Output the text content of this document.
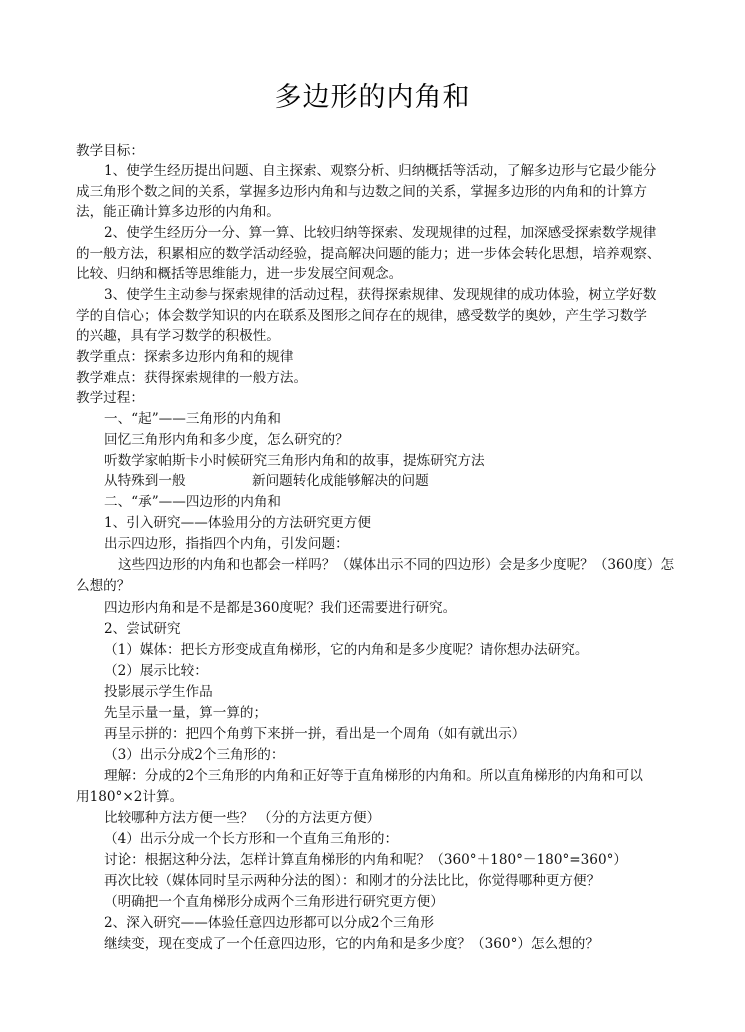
多边形的内角和
教学目标：
1、使学生经历提出问题、自主探索、观察分析、归纳概括等活动，了解多边形与它最少能分
成三角形个数之间的关系，掌握多边形内角和与边数之间的关系，掌握多边形的内角和的计算方
法，能正确计算多边形的内角和。
2、使学生经历分一分、算一算、比较归纳等探索、发现规律的过程，加深感受探索数学规律
的一般方法，积累相应的数学活动经验，提高解决问题的能力；进一步体会转化思想，培养观察、
比较、归纳和概括等思维能力，进一步发展空间观念。
3、使学生主动参与探索规律的活动过程，获得探索规律、发现规律的成功体验，树立学好数
学的自信心；体会数学知识的内在联系及图形之间存在的规律，感受数学的奥妙，产生学习数学
的兴趣，具有学习数学的积极性。
教学重点：探索多边形内角和的规律
教学难点：获得探索规律的一般方法。
教学过程：
一、“起”——三角形的内角和
回忆三角形内角和多少度，怎么研究的？
听数学家帕斯卡小时候研究三角形内角和的故事，提炼研究方法
从特殊到一般	新问题转化成能够解决的问题
二、“承”——四边形的内角和
1、引入研究——体验用分的方法研究更方便
出示四边形，指指四个内角，引发问题：
这些四边形的内角和也都会一样吗？（媒体出示不同的四边形）会是多少度呢？（360度）怎
么想的？
四边形内角和是不是都是360度呢？我们还需要进行研究。
2、尝试研究
（1）媒体：把长方形变成直角梯形，它的内角和是多少度呢？请你想办法研究。
（2）展示比较：
投影展示学生作品
先呈示量一量，算一算的；
再呈示拼的：把四个角剪下来拼一拼，看出是一个周角（如有就出示）
（3）出示分成2个三角形的：
理解：分成的2个三角形的内角和正好等于直角梯形的内角和。所以直角梯形的内角和可以
用180°×2计算。
比较哪种方法方便一些？ （分的方法更方便）
（4）出示分成一个长方形和一个直角三角形的：
讨论：根据这种分法，怎样计算直角梯形的内角和呢？（360°＋180°－180°=360°）
再次比较（媒体同时呈示两种分法的图）：和刚才的分法比比，你觉得哪种更方便？
（明确把一个直角梯形分成两个三角形进行研究更方便）
2、深入研究——体验任意四边形都可以分成2个三角形
继续变，现在变成了一个任意四边形，它的内角和是多少度？（360°）怎么想的？
